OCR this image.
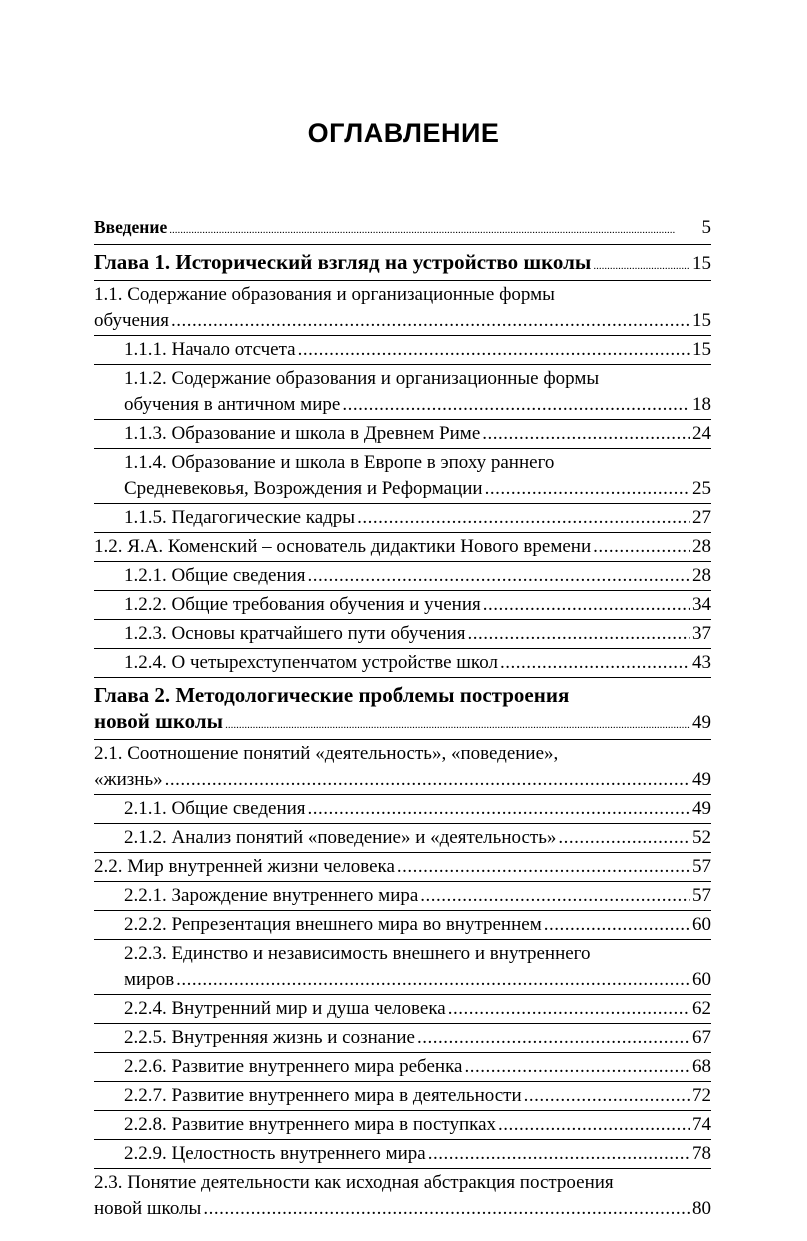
ОГЛАВЛЕНИЕ
Введение .....	5
Глава 1. Исторический взгляд на устройство школы .....	15
1.1. Содержание образования и организационные формы
обучения .....	15
1.1.1. Начало отсчета .....	15
1.1.2. Содержание образования и организационные формы
обучения в античном мире .....	18
1.1.3. Образование и школа в Древнем Риме .....	24
1.1.4. Образование и школа в Европе в эпоху раннего
Средневековья, Возрождения и Реформации .....	25
1.1.5. Педагогические кадры .....	27
1.2. Я.А. Коменский – основатель дидактики Нового времени .....	28
1.2.1. Общие сведения .....	28
1.2.2. Общие требования обучения и учения .....	34
1.2.3. Основы кратчайшего пути обучения .....	37
1.2.4. О четырехступенчатом устройстве школ .....	43
Глава 2. Методологические проблемы построения
новой школы .....	49
2.1. Соотношение понятий «деятельность», «поведение»,
«жизнь» .....	49
2.1.1. Общие сведения .....	49
2.1.2. Анализ понятий «поведение» и «деятельность» .....	52
2.2. Мир внутренней жизни человека .....	57
2.2.1. Зарождение внутреннего мира .....	57
2.2.2. Репрезентация внешнего мира во внутреннем .....	60
2.2.3. Единство и независимость внешнего и внутреннего
миров .....	60
2.2.4. Внутренний мир и душа человека .....	62
2.2.5. Внутренняя жизнь и сознание .....	67
2.2.6. Развитие внутреннего мира ребенка .....	68
2.2.7. Развитие внутреннего мира в деятельности .....	72
2.2.8. Развитие внутреннего мира в поступках .....	74
2.2.9. Целостность внутреннего мира .....	78
2.3. Понятие деятельности как исходная абстракция построения
новой школы .....	80
